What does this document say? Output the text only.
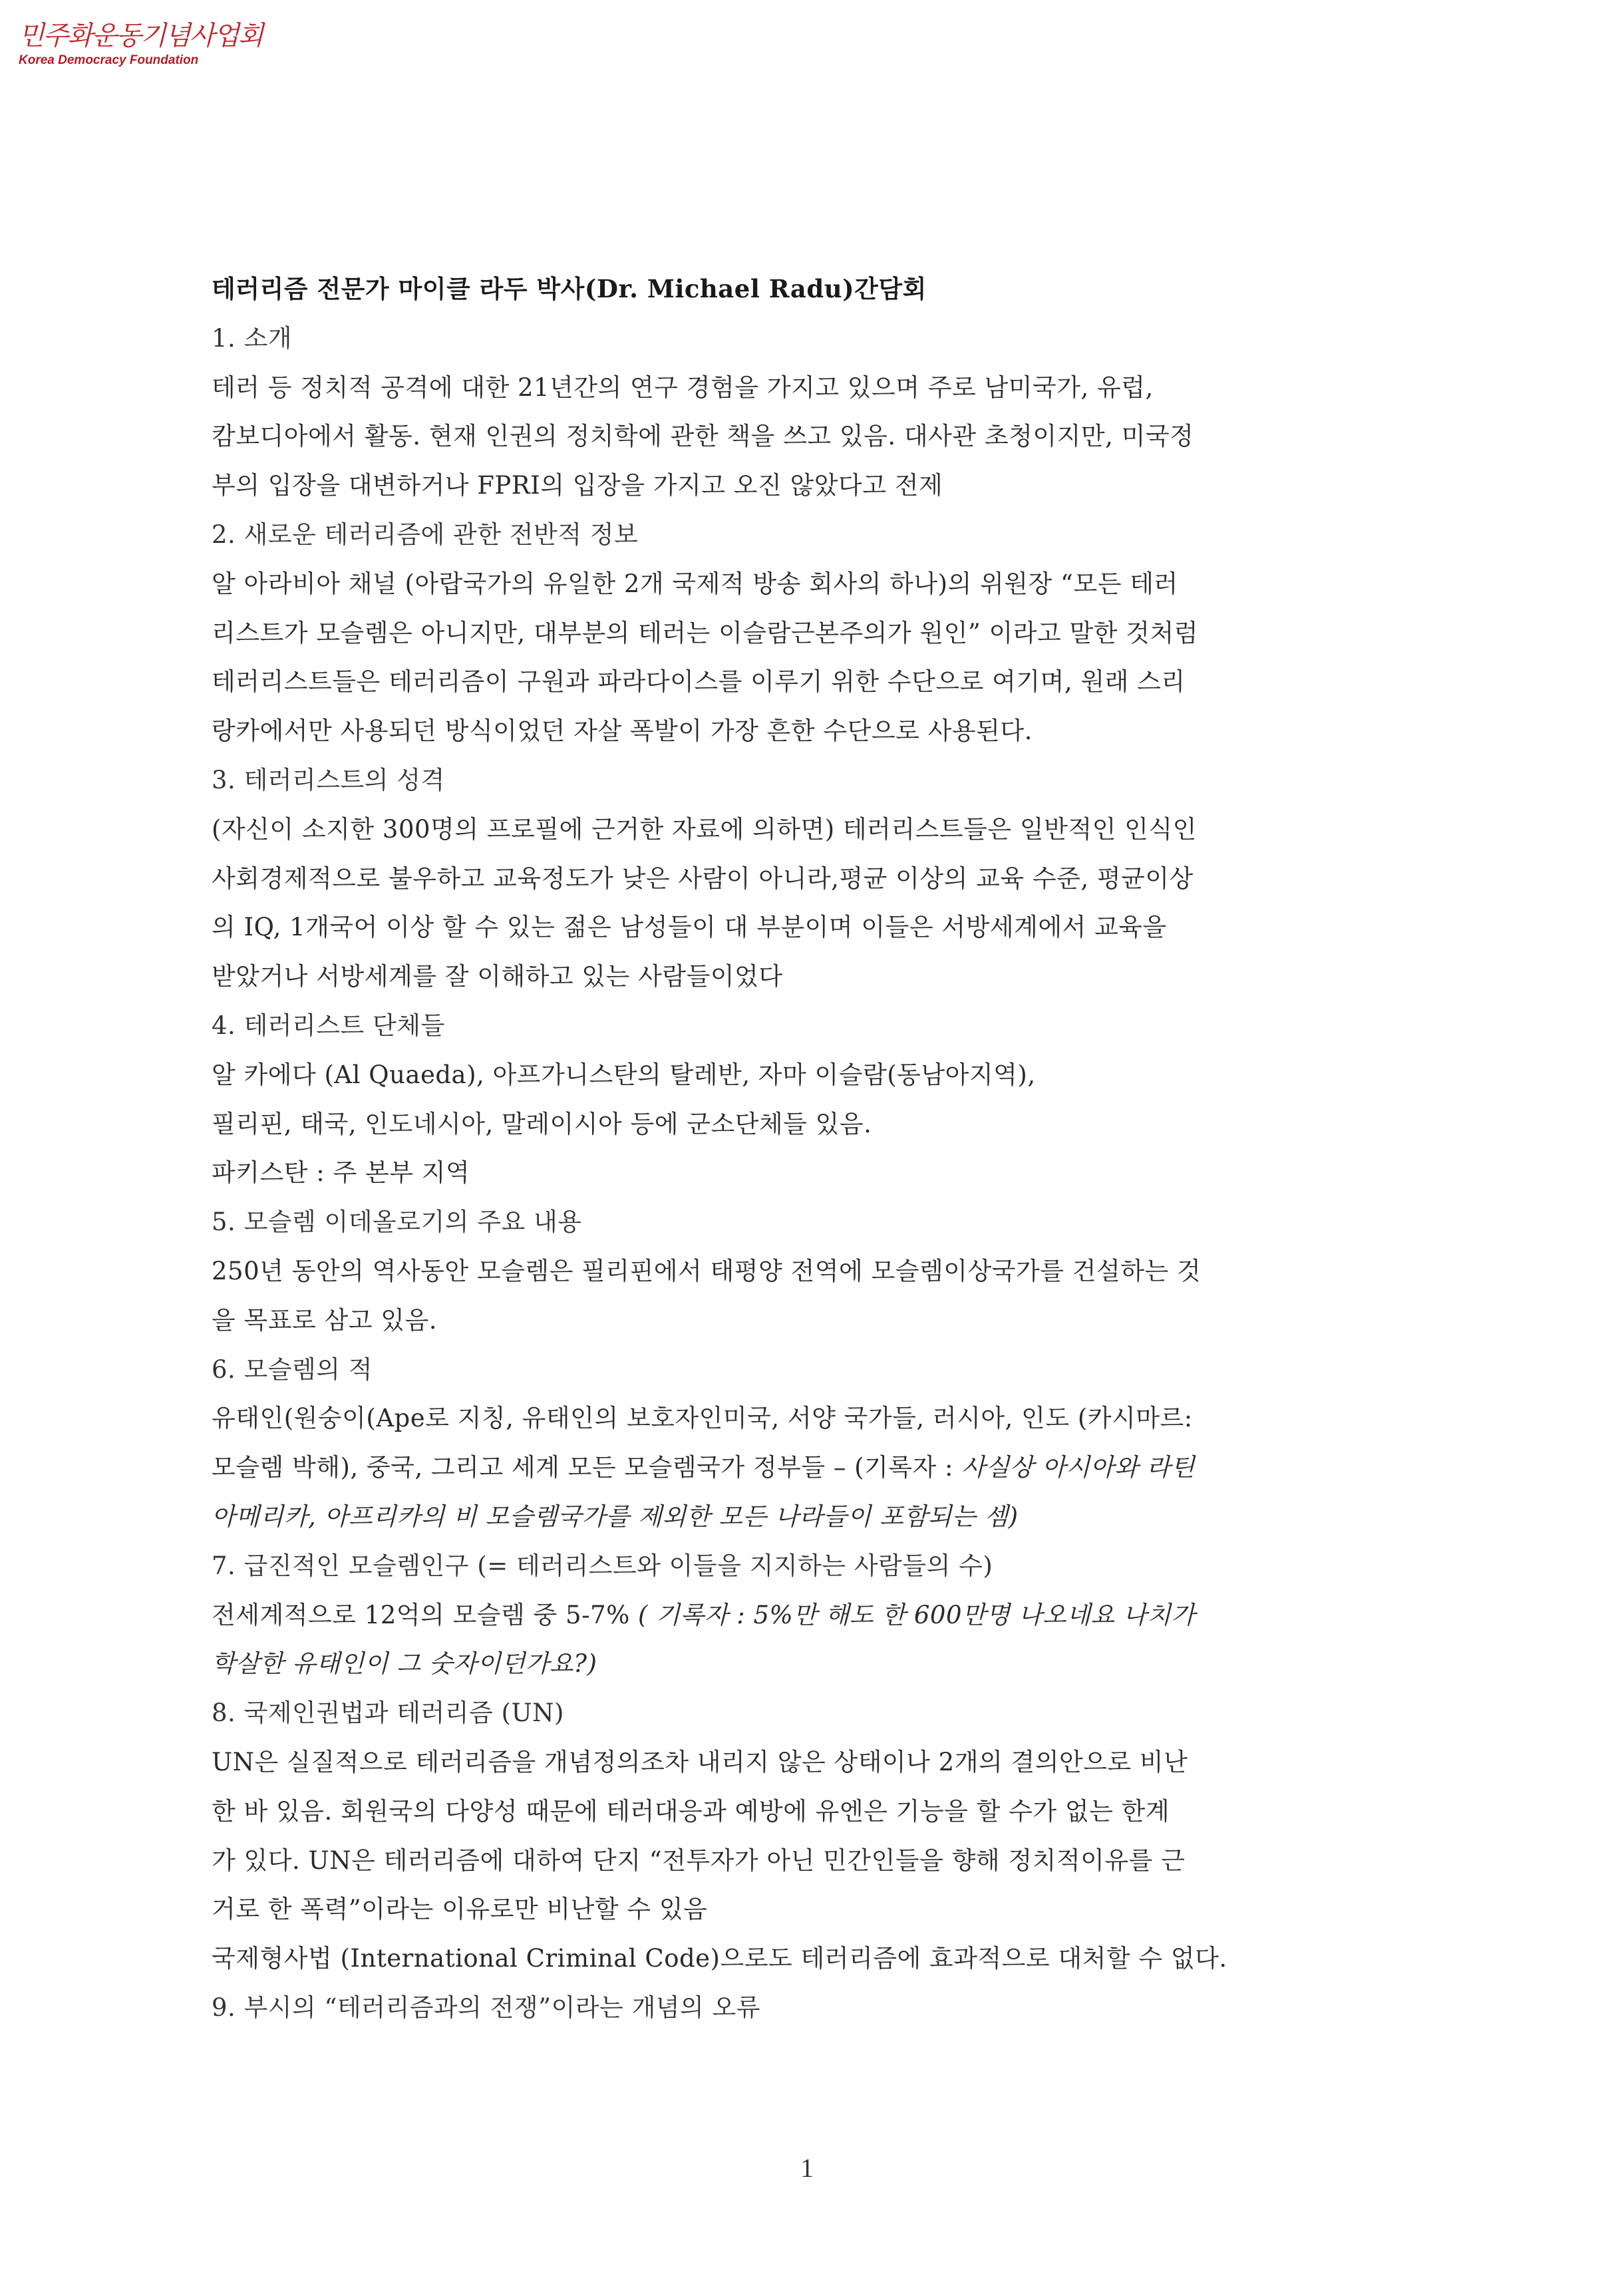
민주화운동기념사업회
Korea Democracy Foundation
테러리즘 전문가 마이클 라두 박사(Dr. Michael Radu)간담회
1. 소개
테러 등 정치적 공격에 대한 21년간의 연구 경험을 가지고 있으며 주로 남미국가, 유럽,
캄보디아에서 활동. 현재 인권의 정치학에 관한 책을 쓰고 있음. 대사관 초청이지만, 미국정
부의 입장을 대변하거나 FPRI의 입장을 가지고 오진 않았다고 전제
2. 새로운 테러리즘에 관한 전반적 정보
알 아라비아 채널 (아랍국가의 유일한 2개 국제적 방송 회사의 하나)의 위원장 “모든 테러
리스트가 모슬렘은 아니지만, 대부분의 테러는 이슬람근본주의가 원인” 이라고 말한 것처럼
테러리스트들은 테러리즘이 구원과 파라다이스를 이루기 위한 수단으로 여기며, 원래 스리
랑카에서만 사용되던 방식이었던 자살 폭발이 가장 흔한 수단으로 사용된다.
3. 테러리스트의 성격
(자신이 소지한 300명의 프로필에 근거한 자료에 의하면) 테러리스트들은 일반적인 인식인
사회경제적으로 불우하고 교육정도가 낮은 사람이 아니라,평균 이상의 교육 수준, 평균이상
의 IQ, 1개국어 이상 할 수 있는 젊은 남성들이 대 부분이며 이들은 서방세계에서 교육을
받았거나 서방세계를 잘 이해하고 있는 사람들이었다
4. 테러리스트 단체들
알 카에다 (Al Quaeda), 아프가니스탄의 탈레반, 자마 이슬람(동남아지역),
필리핀, 태국, 인도네시아, 말레이시아 등에 군소단체들 있음.
파키스탄 : 주 본부 지역
5. 모슬렘 이데올로기의 주요 내용
250년 동안의 역사동안 모슬렘은 필리핀에서 태평양 전역에 모슬렘이상국가를 건설하는 것
을 목표로 삼고 있음.
6. 모슬렘의 적
유태인(원숭이(Ape로 지칭, 유태인의 보호자인미국, 서양 국가들, 러시아, 인도 (카시마르:
모슬렘 박해), 중국, 그리고 세계 모든 모슬렘국가 정부들 – (기록자 : 사실상 아시아와 라틴
아메리카, 아프리카의 비 모슬렘국가를 제외한 모든 나라들이 포함되는 셈)
7. 급진적인 모슬렘인구 (= 테러리스트와 이들을 지지하는 사람들의 수)
전세계적으로 12억의 모슬렘 중 5-7% ( 기록자 : 5%만 해도 한 600만명 나오네요 나치가
학살한 유태인이 그 숫자이던가요?)
8. 국제인권법과 테러리즘 (UN)
UN은 실질적으로 테러리즘을 개념정의조차 내리지 않은 상태이나 2개의 결의안으로 비난
한 바 있음. 회원국의 다양성 때문에 테러대응과 예방에 유엔은 기능을 할 수가 없는 한계
가 있다. UN은 테러리즘에 대하여 단지 “전투자가 아닌 민간인들을 향해 정치적이유를 근
거로 한 폭력”이라는 이유로만 비난할 수 있음
국제형사법 (International Criminal Code)으로도 테러리즘에 효과적으로 대처할 수 없다.
9. 부시의 “테러리즘과의 전쟁”이라는 개념의 오류
1
